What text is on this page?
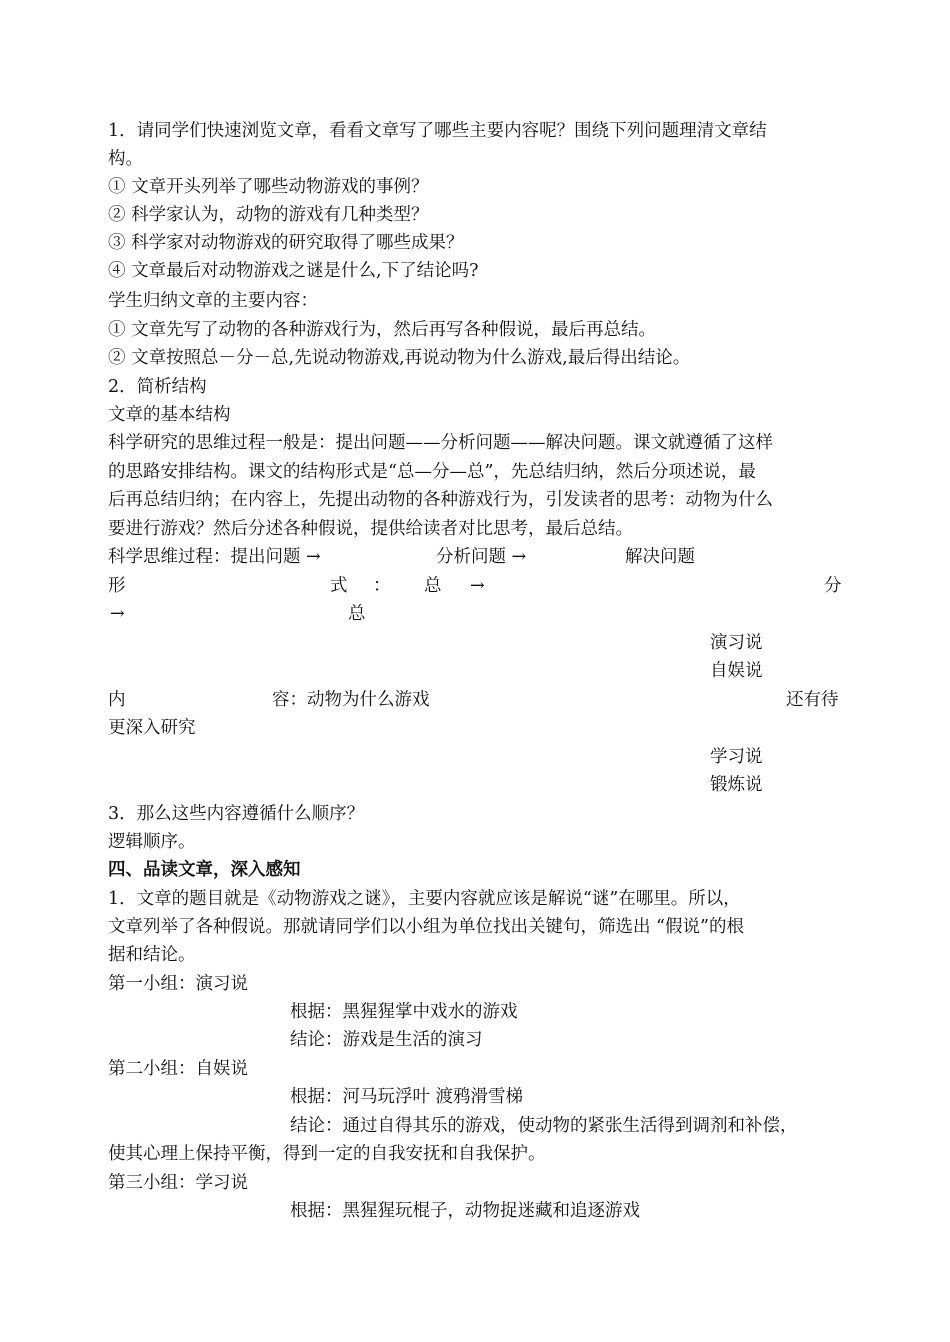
1．请同学们快速浏览文章，看看文章写了哪些主要内容呢？围绕下列问题理清文章结
构。
① 文章开头列举了哪些动物游戏的事例？
② 科学家认为，动物的游戏有几种类型？
③ 科学家对动物游戏的研究取得了哪些成果？
④ 文章最后对动物游戏之谜是什么,下了结论吗?
学生归纳文章的主要内容：
① 文章先写了动物的各种游戏行为，然后再写各种假说，最后再总结。
② 文章按照总－分－总,先说动物游戏,再说动物为什么游戏,最后得出结论。
2．简析结构
文章的基本结构
科学研究的思维过程一般是：提出问题——分析问题——解决问题。课文就遵循了这样
的思路安排结构。课文的结构形式是“总—分—总”，先总结归纳，然后分项述说，最
后再总结归纳；在内容上，先提出动物的各种游戏行为，引发读者的思考：动物为什么
要进行游戏？然后分述各种假说，提供给读者对比思考，最后总结。
科学思维过程：提出问题 →	分析问题 →	解决问题
形	式 ： 总 →	分
→	总
演习说
自娱说
内	容：动物为什么游戏	还有待
更深入研究
学习说
锻炼说
3．那么这些内容遵循什么顺序？
逻辑顺序。
四、品读文章，深入感知
1．文章的题目就是《动物游戏之谜》，主要内容就应该是解说“谜”在哪里。所以，
文章列举了各种假说。那就请同学们以小组为单位找出关键句，筛选出 “假说”的根
据和结论。
第一小组：演习说
根据：黑猩猩掌中戏水的游戏
结论：游戏是生活的演习
第二小组：自娱说
根据：河马玩浮叶 渡鸦滑雪梯
结论：通过自得其乐的游戏，使动物的紧张生活得到调剂和补偿，
使其心理上保持平衡，得到一定的自我安抚和自我保护。
第三小组：学习说
根据：黑猩猩玩棍子，动物捉迷藏和追逐游戏
